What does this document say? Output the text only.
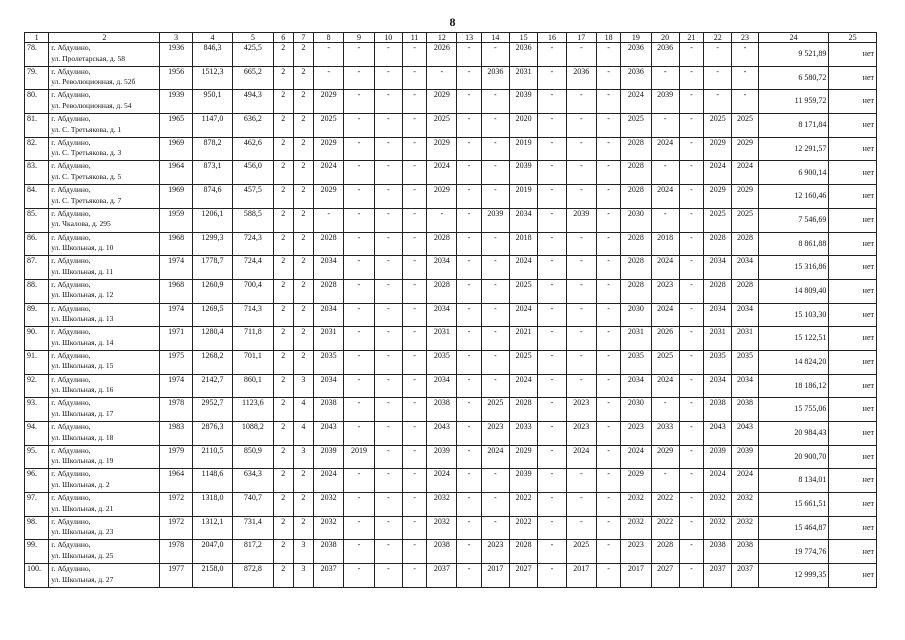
8
1	2	3	4	5	6	7	8	9	10	11	12	13	14	15	16	17	18	19	20	21	22	23	24	25
78.	г. Абдулино,
ул. Пролетарская, д. 58	1936	846,3	425,5	2	2	-	-	-	-	2026	-	-	2036	-	-	-	2036	2036	-	-	-	9 521,89	нет
79.	г. Абдулино,
ул. Революционная, д. 52б	1956	1512,3	665,2	2	2	-	-	-	-	-	-	2036	2031	-	2036	-	2036	-	-	-	-	6 580,72	нет
80.	г. Абдулино,
ул. Революционная, д. 54	1939	950,1	494,3	2	2	2029	-	-	-	2029	-	-	2039	-	-	-	2024	2039	-	-	-	11 959,72	нет
81.	г. Абдулино,
ул. С. Третьякова, д. 1	1965	1147,0	636,2	2	2	2025	-	-	-	2025	-	-	2020	-	-	-	2025	-	-	2025	2025	8 171,84	нет
82.	г. Абдулино,
ул. С. Третьякова, д. 3	1969	878,2	462,6	2	2	2029	-	-	-	2029	-	-	2019	-	-	-	2028	2024	-	2029	2029	12 291,57	нет
83.	г. Абдулино,
ул. С. Третьякова, д. 5	1964	873,1	456,0	2	2	2024	-	-	-	2024	-	-	2039	-	-	-	2028	-	-	2024	2024	6 900,14	нет
84.	г. Абдулино,
ул. С. Третьякова, д. 7	1969	874,6	457,5	2	2	2029	-	-	-	2029	-	-	2019	-	-	-	2028	2024	-	2029	2029	12 160,46	нет
85.	г. Абдулино,
ул. Чкалова, д. 295	1959	1206,1	588,5	2	2	-	-	-	-	-	-	2039	2034	-	2039	-	2030	-	-	2025	2025	7 546,69	нет
86.	г. Абдулино,
ул. Школьная, д. 10	1968	1299,3	724,3	2	2	2028	-	-	-	2028	-	-	2018	-	-	-	2028	2018	-	2028	2028	8 861,88	нет
87.	г. Абдулино,
ул. Школьная, д. 11	1974	1778,7	724,4	2	2	2034	-	-	-	2034	-	-	2024	-	-	-	2028	2024	-	2034	2034	15 316,86	нет
88.	г. Абдулино,
ул. Школьная, д. 12	1968	1260,9	700,4	2	2	2028	-	-	-	2028	-	-	2025	-	-	-	2028	2023	-	2028	2028	14 809,40	нет
89.	г. Абдулино,
ул. Школьная, д. 13	1974	1269,5	714,3	2	2	2034	-	-	-	2034	-	-	2024	-	-	-	2030	2024	-	2034	2034	15 103,30	нет
90.	г. Абдулино,
ул. Школьная, д. 14	1971	1280,4	711,8	2	2	2031	-	-	-	2031	-	-	2021	-	-	-	2031	2026	-	2031	2031	15 122,51	нет
91.	г. Абдулино,
ул. Школьная, д. 15	1975	1268,2	701,1	2	2	2035	-	-	-	2035	-	-	2025	-	-	-	2035	2025	-	2035	2035	14 824,20	нет
92.	г. Абдулино,
ул. Школьная, д. 16	1974	2142,7	860,1	2	3	2034	-	-	-	2034	-	-	2024	-	-	-	2034	2024	-	2034	2034	18 186,12	нет
93.	г. Абдулино,
ул. Школьная, д. 17	1978	2952,7	1123,6	2	4	2038	-	-	-	2038	-	2025	2028	-	2023	-	2030	-	-	2038	2038	15 755,06	нет
94.	г. Абдулино,
ул. Школьная, д. 18	1983	2876,3	1088,2	2	4	2043	-	-	-	2043	-	2023	2033	-	2023	-	2023	2033	-	2043	2043	20 984,43	нет
95.	г. Абдулино,
ул. Школьная, д. 19	1979	2110,5	850,9	2	3	2039	2019	-	-	2039	-	2024	2029	-	2024	-	2024	2029	-	2039	2039	20 900,70	нет
96.	г. Абдулино,
ул. Школьная, д. 2	1964	1148,6	634,3	2	2	2024	-	-	-	2024	-	-	2039	-	-	-	2029	-	-	2024	2024	8 134,01	нет
97.	г. Абдулино,
ул. Школьная, д. 21	1972	1318,0	740,7	2	2	2032	-	-	-	2032	-	-	2022	-	-	-	2032	2022	-	2032	2032	15 661,51	нет
98.	г. Абдулино,
ул. Школьная, д. 23	1972	1312,1	731,4	2	2	2032	-	-	-	2032	-	-	2022	-	-	-	2032	2022	-	2032	2032	15 464,87	нет
99.	г. Абдулино,
ул. Школьная, д. 25	1978	2047,0	817,2	2	3	2038	-	-	-	2038	-	2023	2028	-	2025	-	2023	2028	-	2038	2038	19 774,76	нет
100.	г. Абдулино,
ул. Школьная, д. 27	1977	2158,0	872,8	2	3	2037	-	-	-	2037	-	2017	2027	-	2017	-	2017	2027	-	2037	2037	12 999,35	нет
